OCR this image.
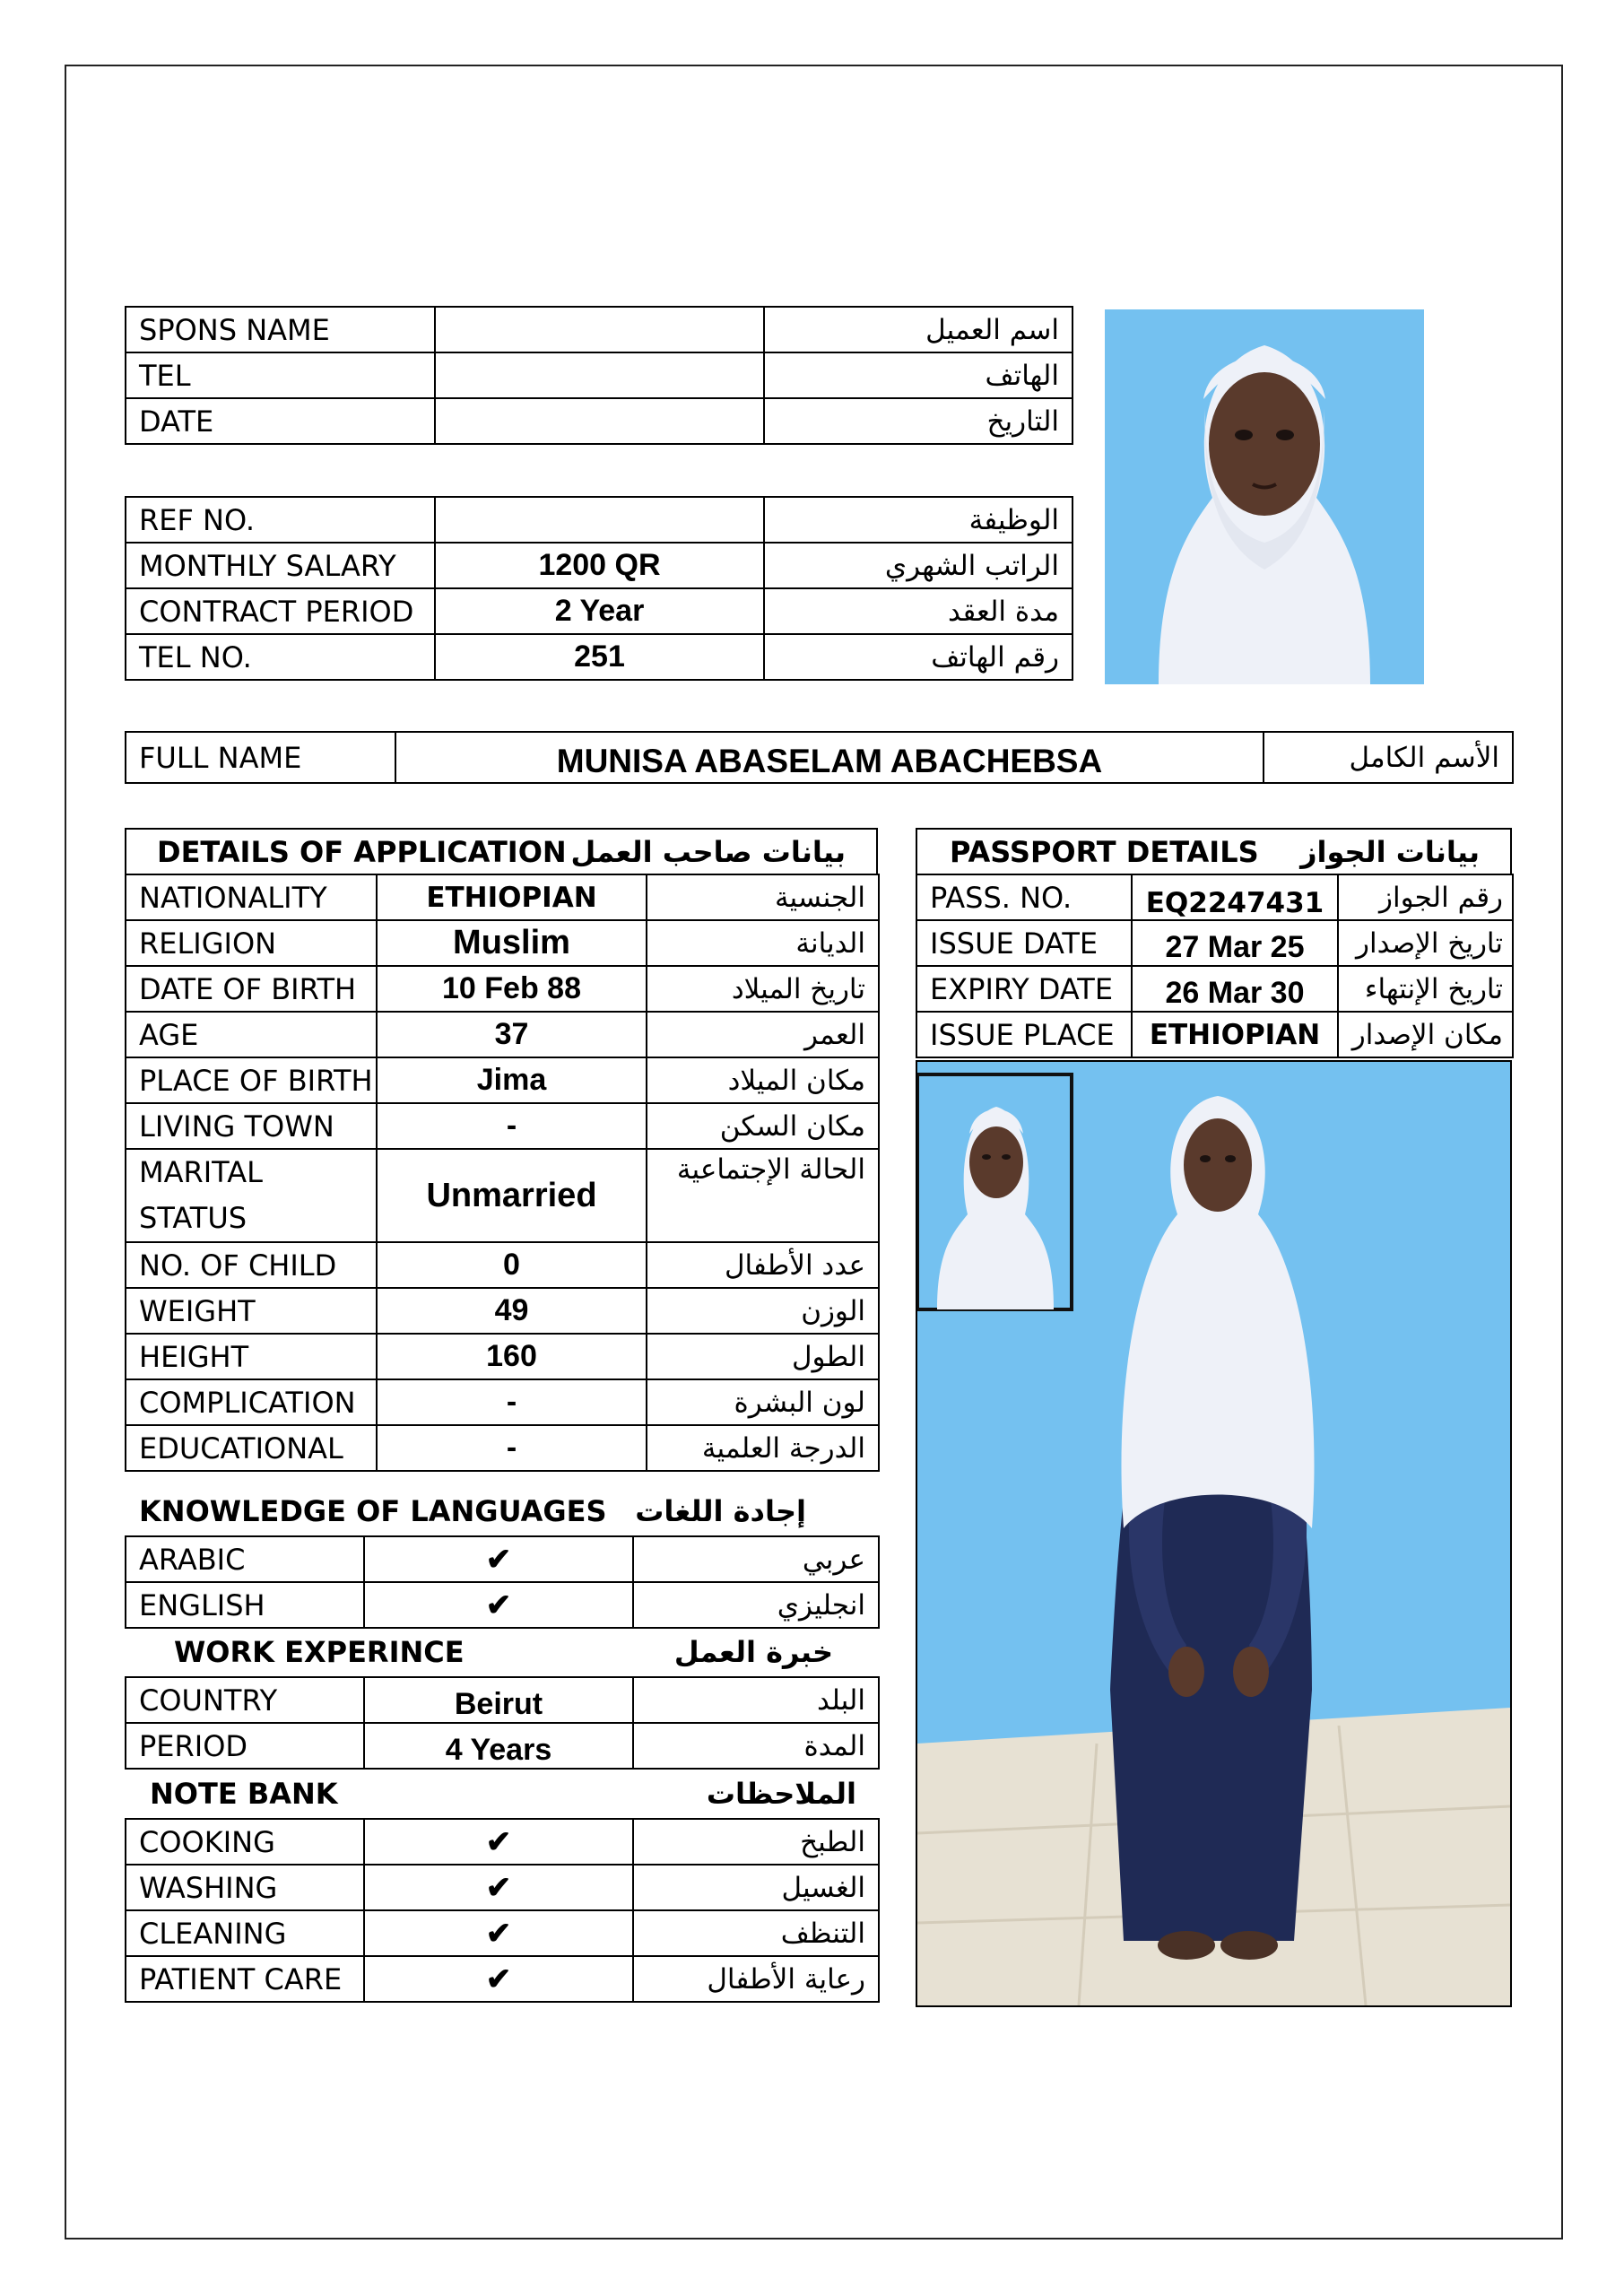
SPONS NAME		اسم العميل
TEL		الهاتف
DATE		التاريخ
REF NO.		الوظيفة
MONTHLY SALARY	1200 QR	الراتب الشهري
CONTRACT PERIOD	2 Year	مدة العقد
TEL NO.	251	رقم الهاتف
FULL NAME	MUNISA ABASELAM ABACHEBSA	الأسم الكامل
DETAILS OF APPLICATION بيانات صاحب العمل
NATIONALITY	ETHIOPIAN	الجنسية
RELIGION	Muslim	الديانة
DATE OF BIRTH	10 Feb 88	تاريخ الميلاد
AGE	37	العمر
PLACE OF BIRTH	Jima	مكان الميلاد
LIVING TOWN	-	مكان السكن
MARITAL STATUS	Unmarried	الحالة الإجتماعية
NO. OF CHILD	0	عدد الأطفال
WEIGHT	49	الوزن
HEIGHT	160	الطول
COMPLICATION	-	لون البشرة
EDUCATIONAL	-	الدرجة العلمية
KNOWLEDGE OF LANGUAGES إجادة اللغات
ARABIC	✔	عربي
ENGLISH	✔	انجليزي
WORK EXPERINCE	خبرة العمل
COUNTRY	Beirut	البلد
PERIOD	4 Years	المدة
NOTE BANK	الملاحظات
COOKING	✔	الطبخ
WASHING	✔	الغسيل
CLEANING	✔	التنظف
PATIENT CARE	✔	رعاية الأطفال
PASSPORT DETAILS بيانات الجواز
PASS. NO.	EQ2247431	رقم الجواز
ISSUE DATE	27 Mar 25	تاريخ الإصدار
EXPIRY DATE	26 Mar 30	تاريخ الإنتهاء
ISSUE PLACE	ETHIOPIAN	مكان الإصدار
